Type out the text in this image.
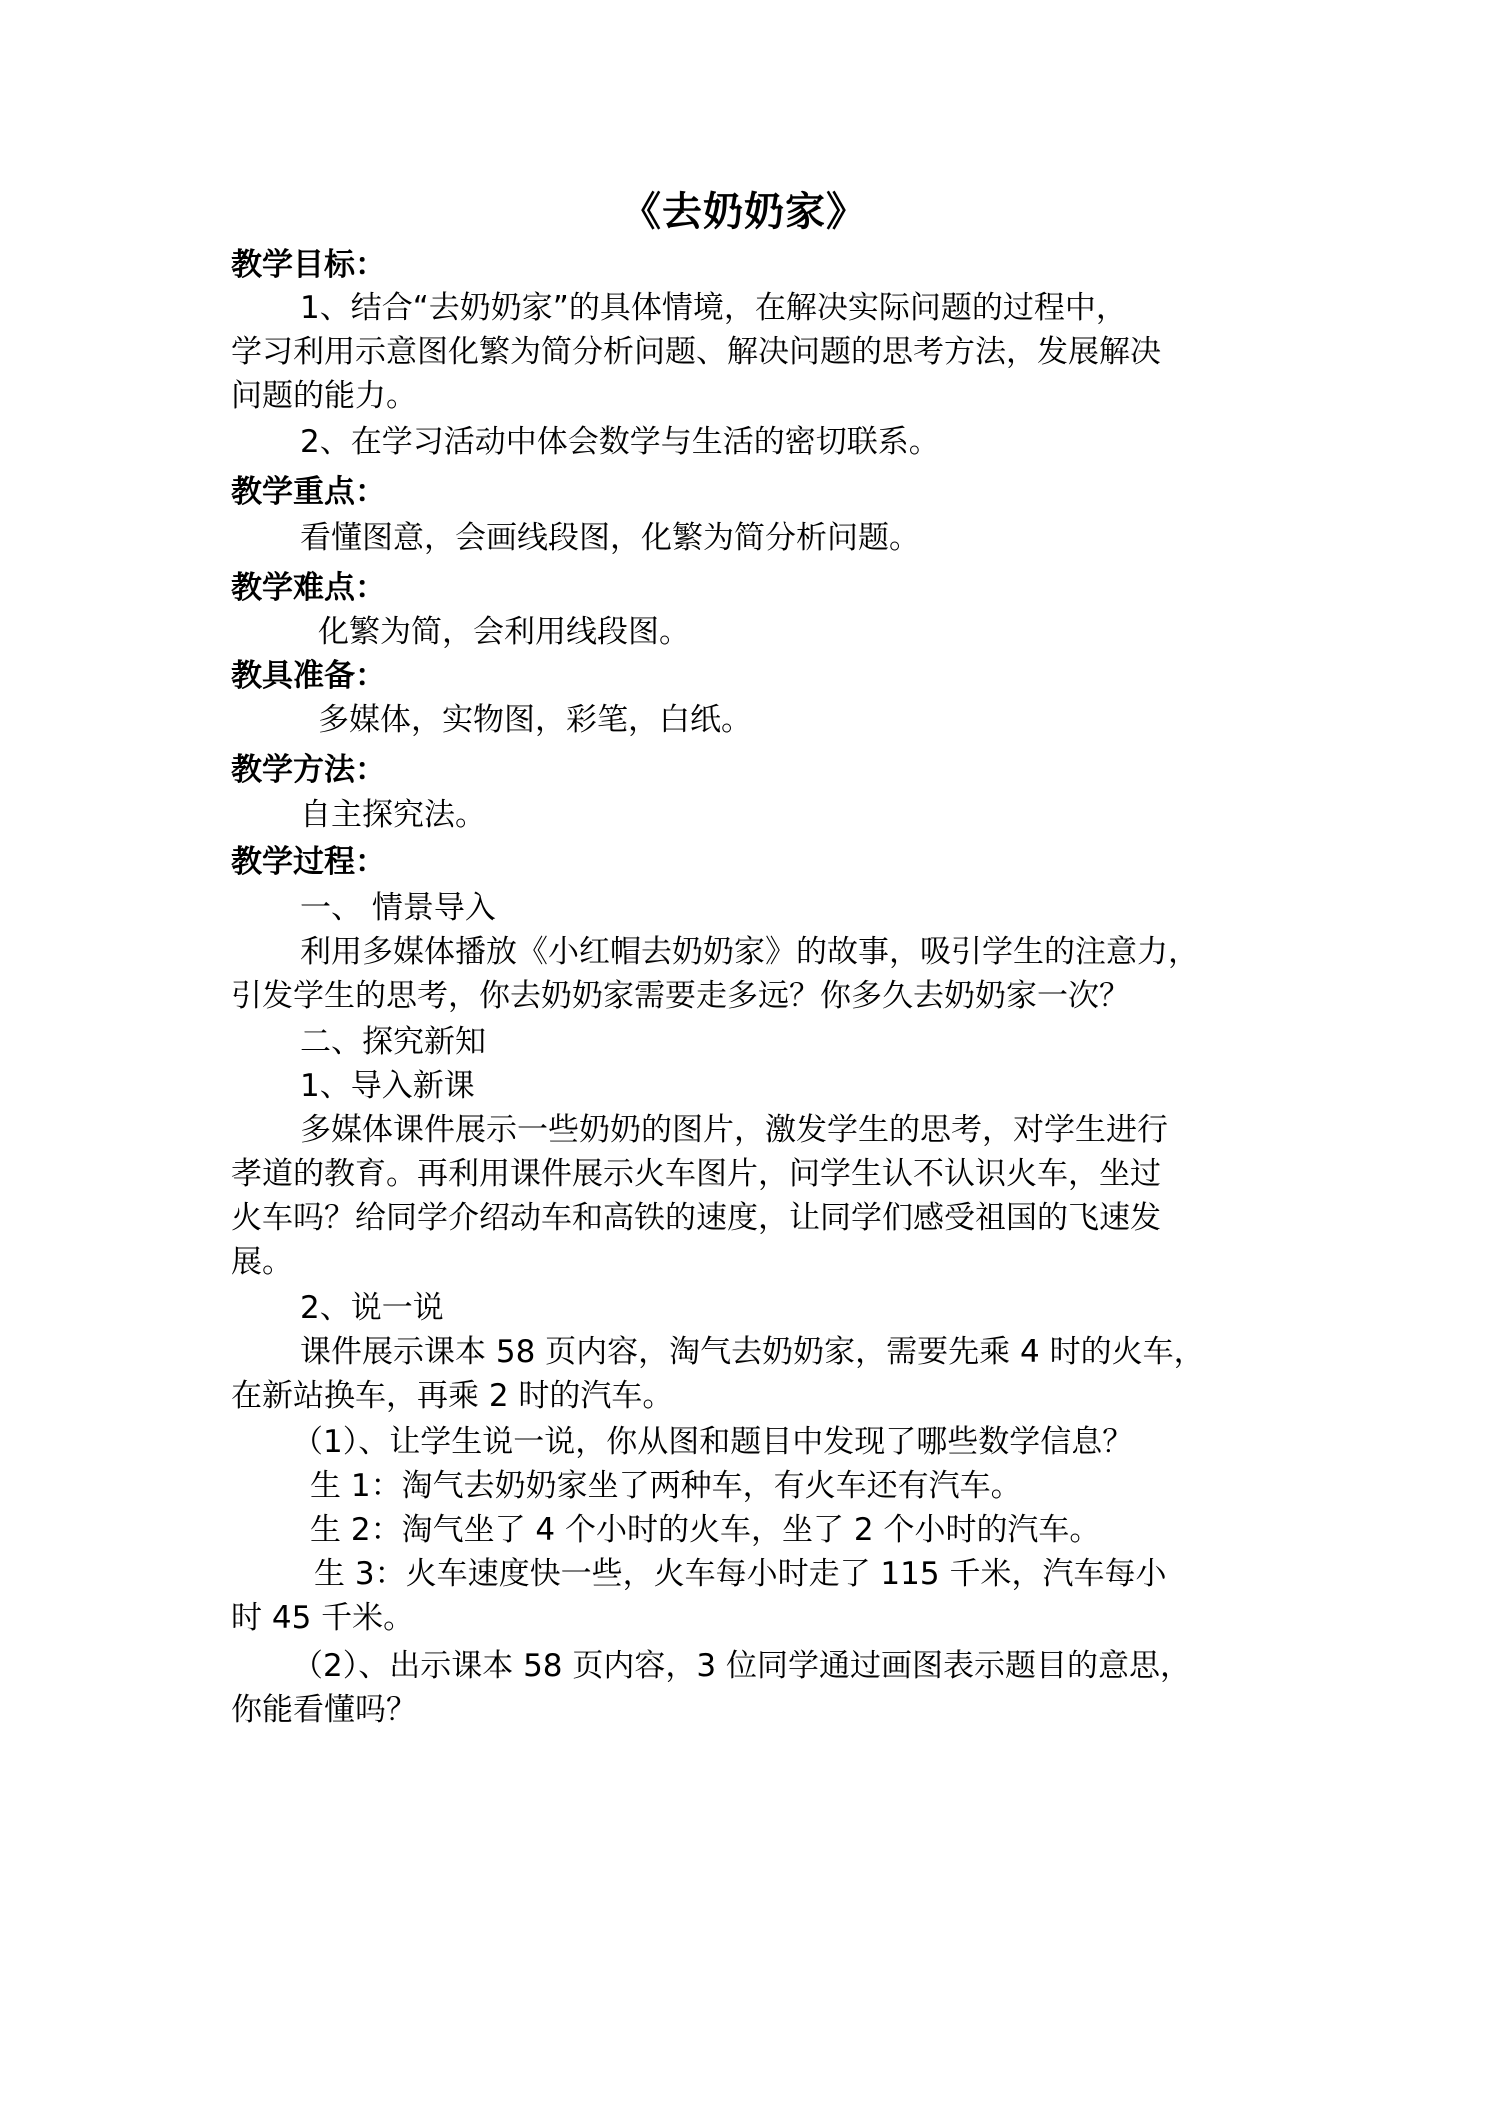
《去奶奶家》
教学目标：
1、结合“去奶奶家”的具体情境，在解决实际问题的过程中，
学习利用示意图化繁为简分析问题、解决问题的思考方法，发展解决
问题的能力。
2、在学习活动中体会数学与生活的密切联系。
教学重点：
看懂图意，会画线段图，化繁为简分析问题。
教学难点：
化繁为简，会利用线段图。
教具准备：
多媒体，实物图，彩笔，白纸。
教学方法：
自主探究法。
教学过程：
一、 情景导入
利用多媒体播放《小红帽去奶奶家》的故事，吸引学生的注意力，
引发学生的思考，你去奶奶家需要走多远？你多久去奶奶家一次？
二、探究新知
1、导入新课
多媒体课件展示一些奶奶的图片，激发学生的思考，对学生进行
孝道的教育。再利用课件展示火车图片，问学生认不认识火车，坐过
火车吗？给同学介绍动车和高铁的速度，让同学们感受祖国的飞速发
展。
2、说一说
课件展示课本 58 页内容，淘气去奶奶家，需要先乘 4 时的火车，
在新站换车，再乘 2 时的汽车。
（1）、让学生说一说，你从图和题目中发现了哪些数学信息？
生 1：淘气去奶奶家坐了两种车，有火车还有汽车。
生 2：淘气坐了 4 个小时的火车，坐了 2 个小时的汽车。
生 3：火车速度快一些，火车每小时走了 115 千米，汽车每小
时 45 千米。
（2）、出示课本 58 页内容，3 位同学通过画图表示题目的意思，
你能看懂吗？
